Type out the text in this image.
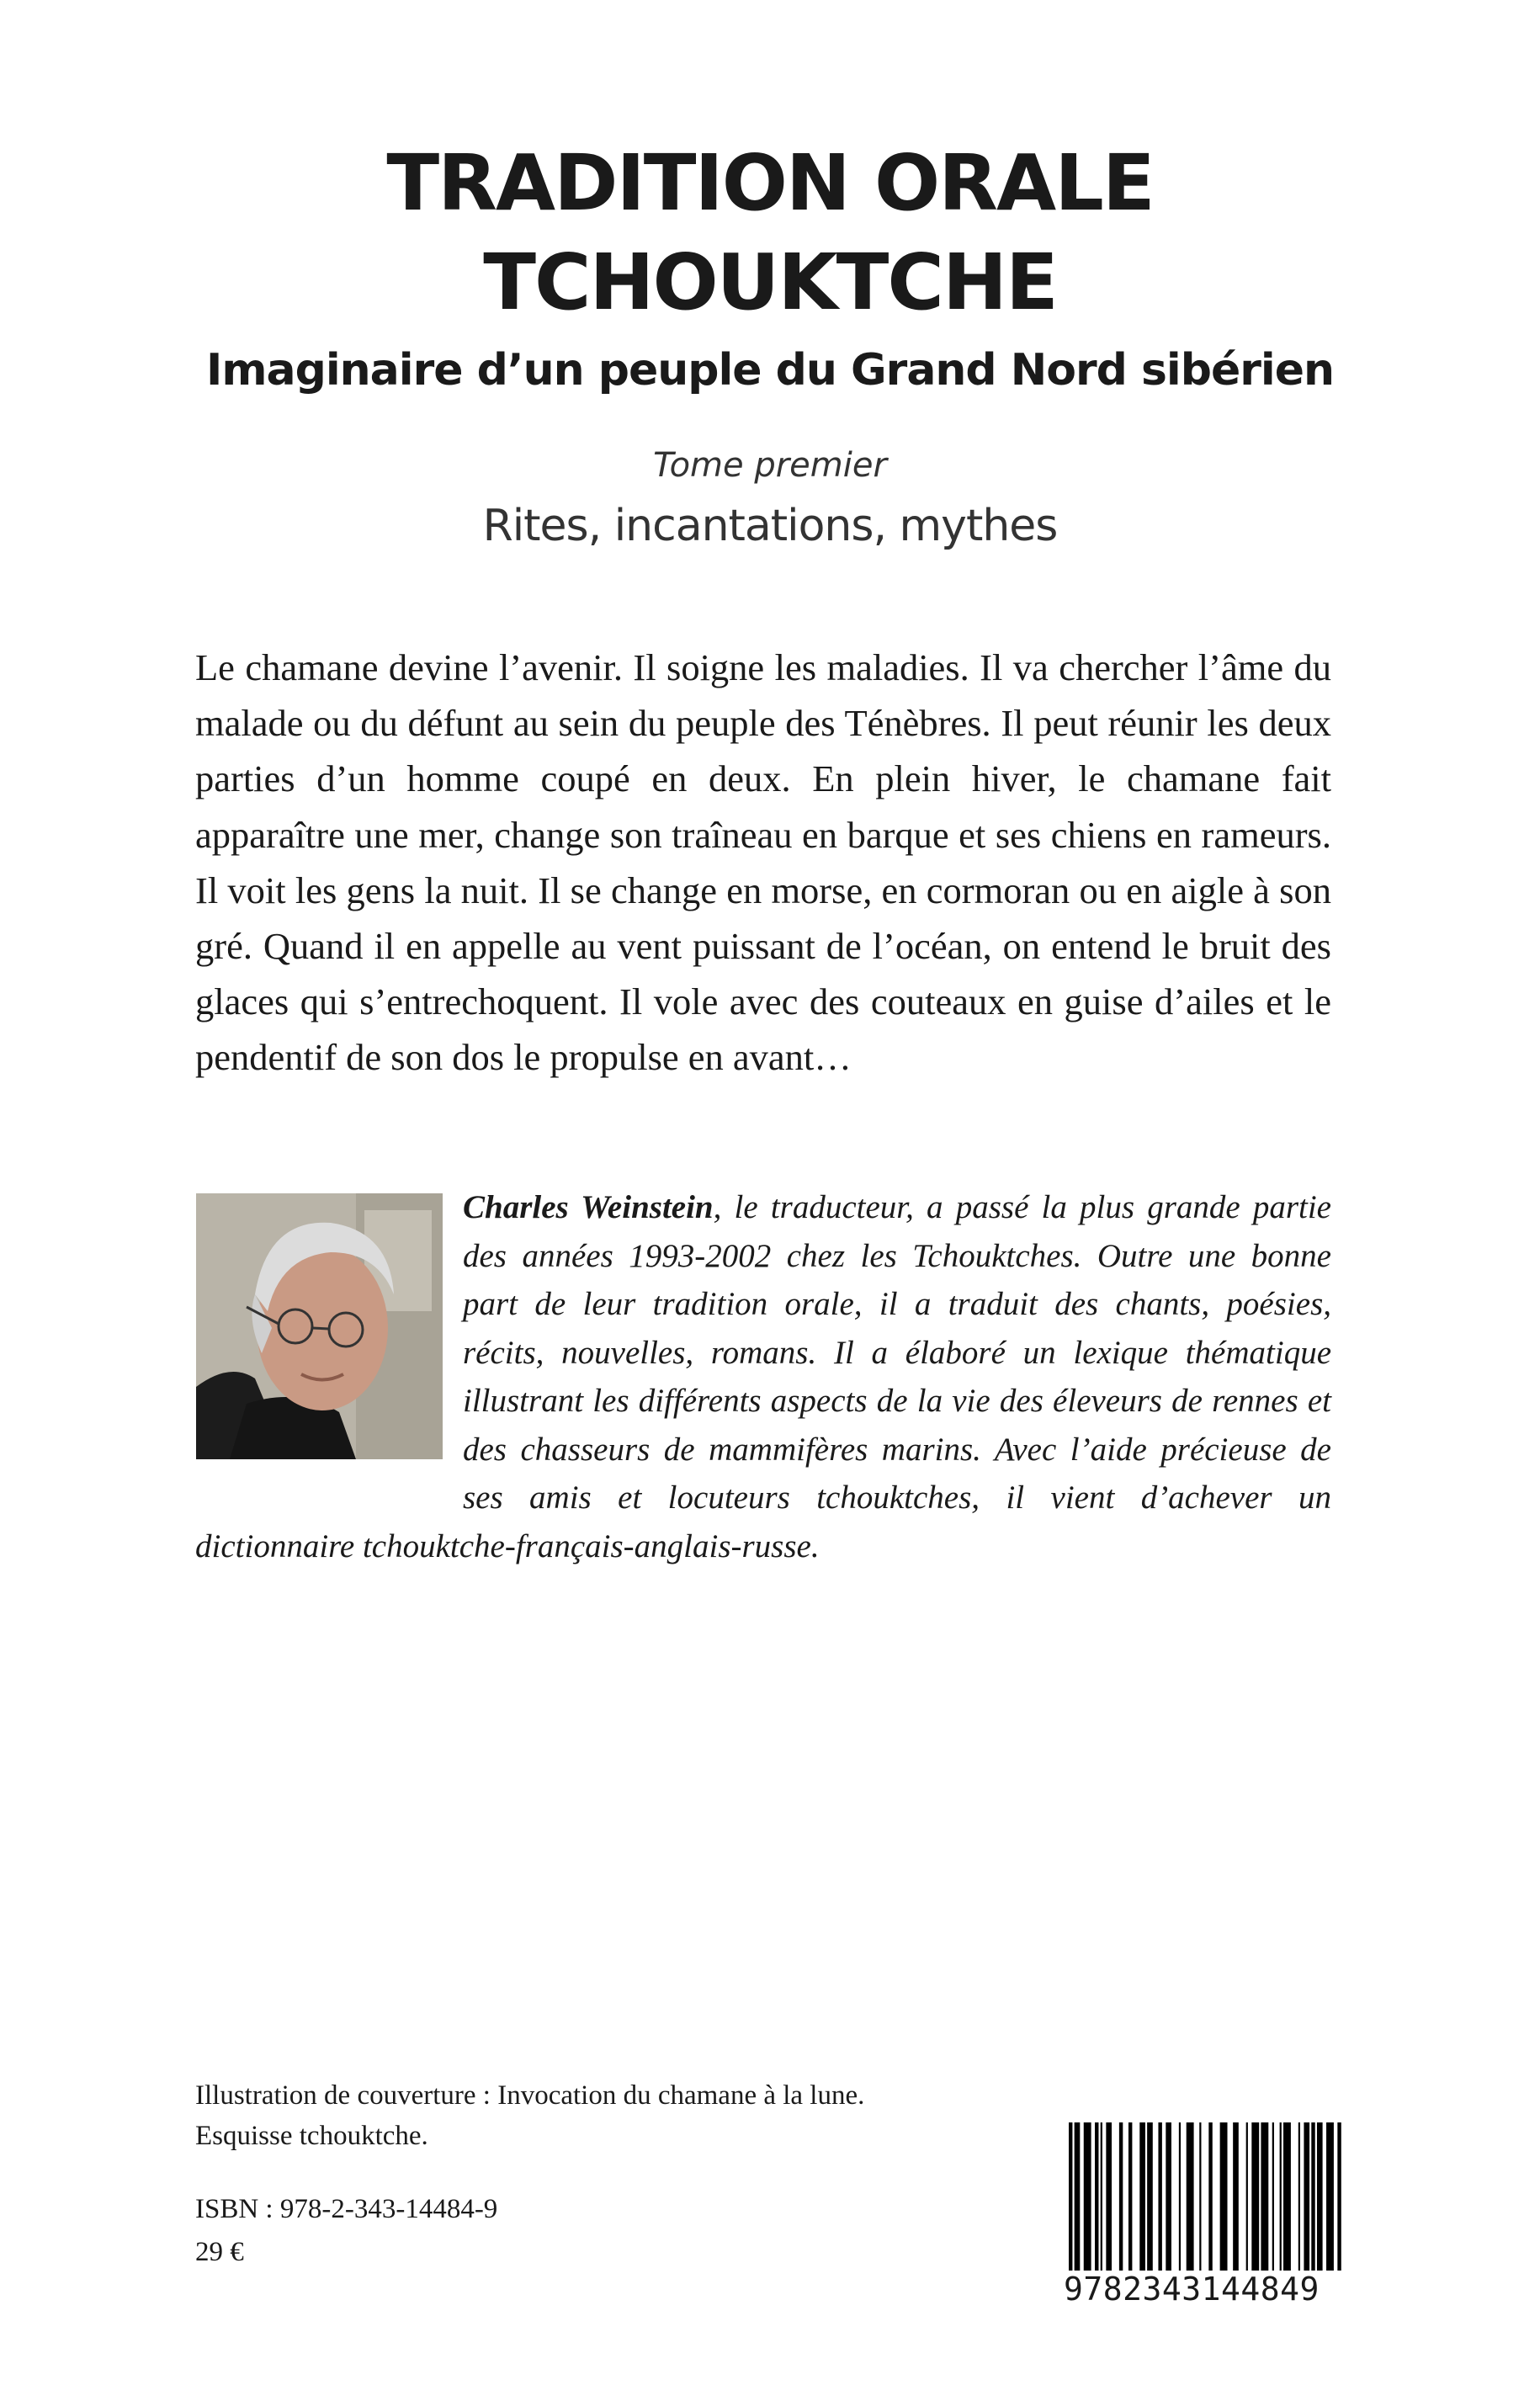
TRADITION ORALE
TCHOUKTCHE
Imaginaire d’un peuple du Grand Nord sibérien
Tome premier
Rites, incantations, mythes

Le chamane devine l’avenir. Il soigne les maladies. Il va chercher l’âme du malade ou du défunt au sein du peuple des Ténèbres. Il peut réunir les deux parties d’un homme coupé en deux. En plein hiver, le chamane fait apparaître une mer, change son traîneau en barque et ses chiens en rameurs. Il voit les gens la nuit. Il se change en morse, en cormoran ou en aigle à son gré. Quand il en appelle au vent puissant de l’océan, on entend le bruit des glaces qui s’entrechoquent. Il vole avec des couteaux en guise d’ailes et le pendentif de son dos le propulse en avant…

Charles Weinstein, le traducteur, a passé la plus grande partie des années 1993-2002 chez les Tchouktches. Outre une bonne part de leur tradition orale, il a traduit des chants, poésies, récits, nouvelles, romans. Il a élaboré un lexique thématique illustrant les différents aspects de la vie des éleveurs de rennes et des chasseurs de mammifères marins. Avec l’aide précieuse de ses amis et locuteurs tchouktches, il vient d’achever un dictionnaire tchouktche-français-anglais-russe.

Illustration de couverture : Invocation du chamane à la lune.
Esquisse tchouktche.
ISBN : 978-2-343-14484-9
29 €
9782343144849
